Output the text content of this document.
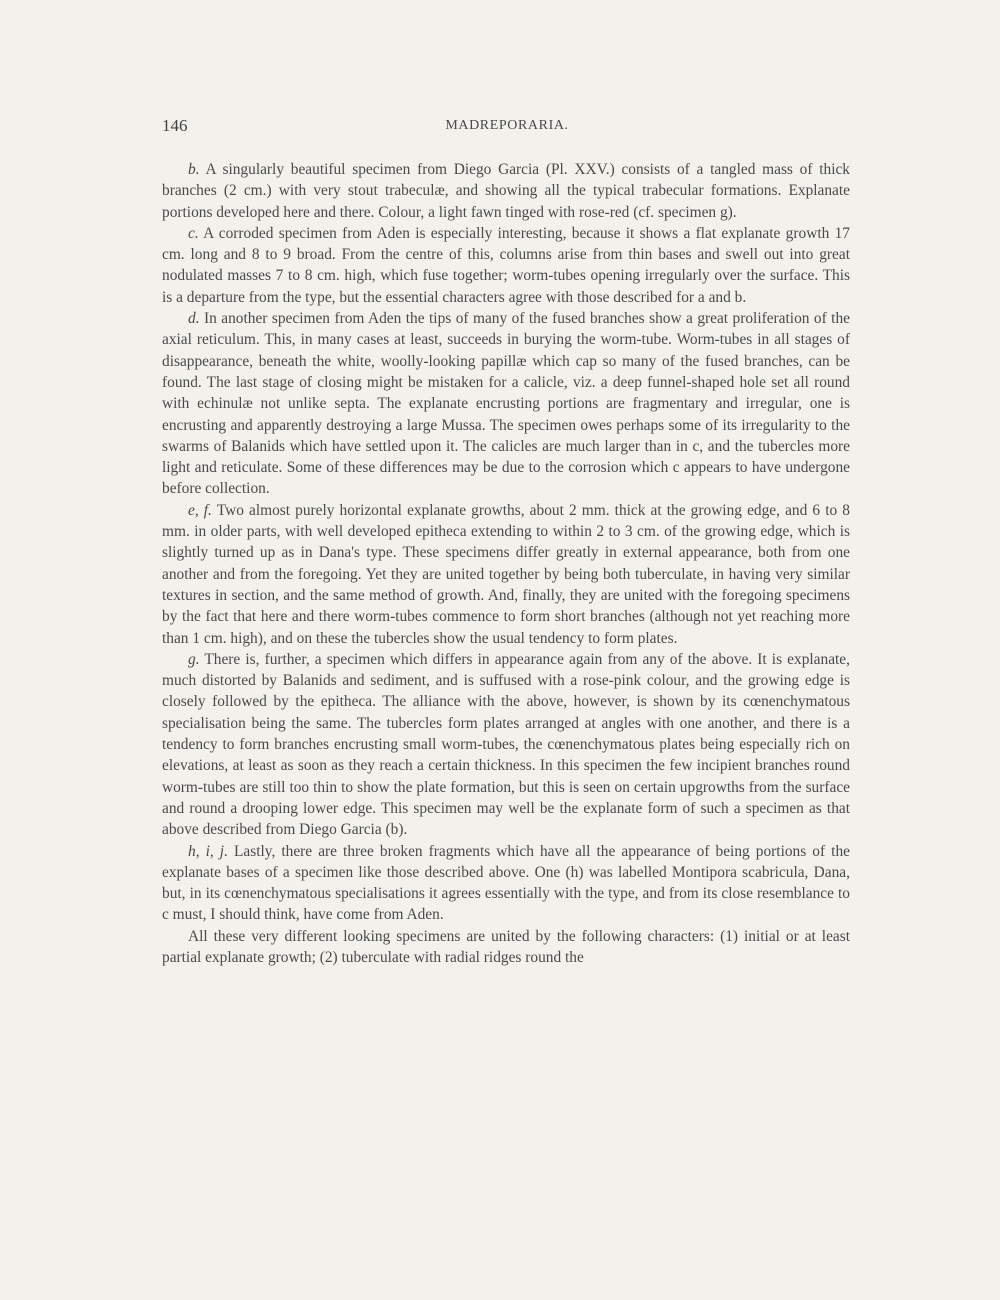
146	MADREPORARIA.

b. A singularly beautiful specimen from Diego Garcia (Pl. XXV.) consists of a tangled mass of thick branches (2 cm.) with very stout trabeculæ, and showing all the typical trabecular formations. Explanate portions developed here and there. Colour, a light fawn tinged with rose-red (cf. specimen g).

c. A corroded specimen from Aden is especially interesting, because it shows a flat explanate growth 17 cm. long and 8 to 9 broad. From the centre of this, columns arise from thin bases and swell out into great nodulated masses 7 to 8 cm. high, which fuse together; worm-tubes opening irregularly over the surface. This is a departure from the type, but the essential characters agree with those described for a and b.

d. In another specimen from Aden the tips of many of the fused branches show a great proliferation of the axial reticulum. This, in many cases at least, succeeds in burying the worm-tube. Worm-tubes in all stages of disappearance, beneath the white, woolly-looking papillæ which cap so many of the fused branches, can be found. The last stage of closing might be mistaken for a calicle, viz. a deep funnel-shaped hole set all round with echinulæ not unlike septa. The explanate encrusting portions are fragmentary and irregular, one is encrusting and apparently destroying a large Mussa. The specimen owes perhaps some of its irregularity to the swarms of Balanids which have settled upon it. The calicles are much larger than in c, and the tubercles more light and reticulate. Some of these differences may be due to the corrosion which c appears to have undergone before collection.

e, f. Two almost purely horizontal explanate growths, about 2 mm. thick at the growing edge, and 6 to 8 mm. in older parts, with well developed epitheca extending to within 2 to 3 cm. of the growing edge, which is slightly turned up as in Dana's type. These specimens differ greatly in external appearance, both from one another and from the foregoing. Yet they are united together by being both tuberculate, in having very similar textures in section, and the same method of growth. And, finally, they are united with the foregoing specimens by the fact that here and there worm-tubes commence to form short branches (although not yet reaching more than 1 cm. high), and on these the tubercles show the usual tendency to form plates.

g. There is, further, a specimen which differs in appearance again from any of the above. It is explanate, much distorted by Balanids and sediment, and is suffused with a rose-pink colour, and the growing edge is closely followed by the epitheca. The alliance with the above, however, is shown by its cœnenchymatous specialisation being the same. The tubercles form plates arranged at angles with one another, and there is a tendency to form branches encrusting small worm-tubes, the cœnenchymatous plates being especially rich on elevations, at least as soon as they reach a certain thickness. In this specimen the few incipient branches round worm-tubes are still too thin to show the plate formation, but this is seen on certain upgrowths from the surface and round a drooping lower edge. This specimen may well be the explanate form of such a specimen as that above described from Diego Garcia (b).

h, i, j. Lastly, there are three broken fragments which have all the appearance of being portions of the explanate bases of a specimen like those described above. One (h) was labelled Montipora scabricula, Dana, but, in its cœnenchymatous specialisations it agrees essentially with the type, and from its close resemblance to c must, I should think, have come from Aden.

All these very different looking specimens are united by the following characters: (1) initial or at least partial explanate growth; (2) tuberculate with radial ridges round the
